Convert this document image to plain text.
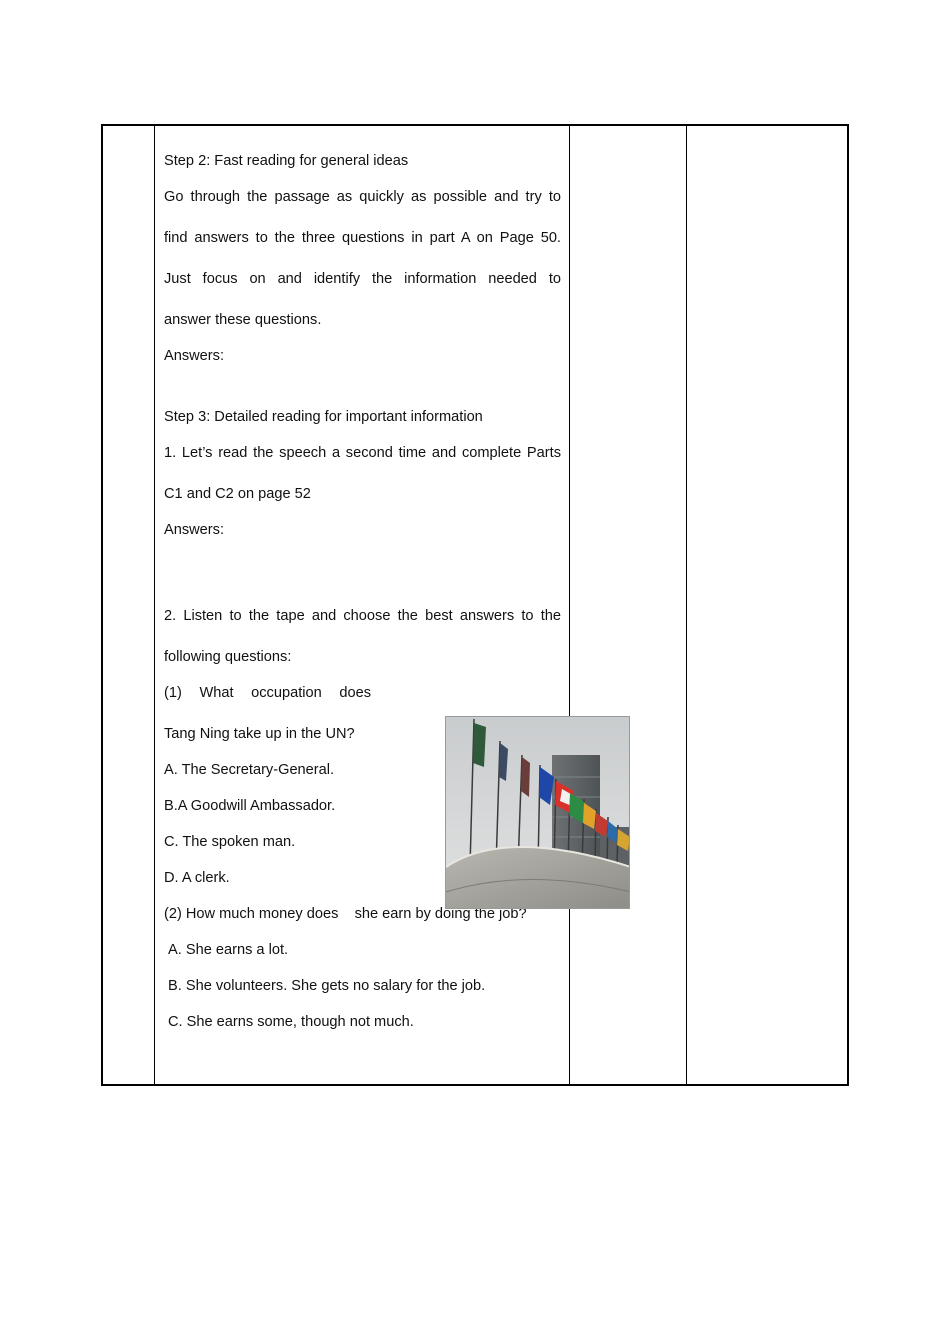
Step 2: Fast reading for general ideas
Go through the passage as quickly as possible and try to
find answers to the three questions in part A on Page 50.
Just focus on and identify the information needed to
answer these questions.
Answers:
Step 3: Detailed reading for important information
1. Let’s read the speech a second time and complete Parts
C1 and C2 on page 52
Answers:
2. Listen to the tape and choose the best answers to the
following questions:
(1) What occupation does
Tang Ning take up in the UN?
A. The Secretary-General.
B.A Goodwill Ambassador.
C. The spoken man.
D. A clerk.
(2) How much money does    she earn by doing the job?
A. She earns a lot.
B. She volunteers. She gets no salary for the job.
C. She earns some, though not much.
